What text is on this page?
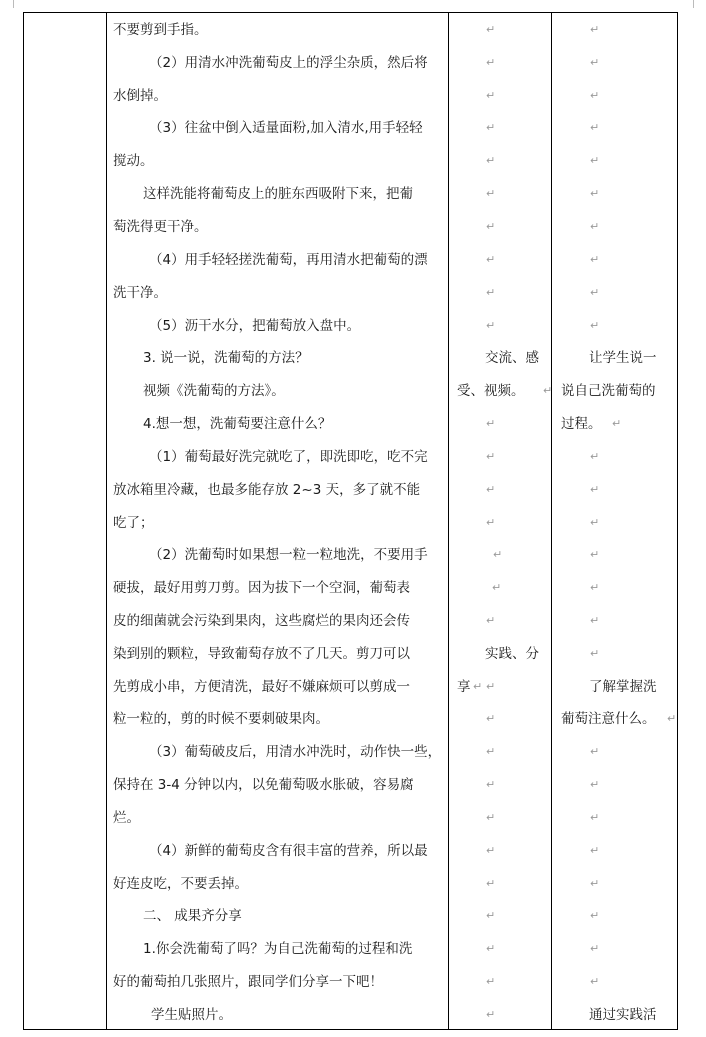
不要剪到手指。
（2）用清水冲洗葡萄皮上的浮尘杂质，然后将
水倒掉。
（3）往盆中倒入适量面粉,加入清水,用手轻轻
搅动。
这样洗能将葡萄皮上的脏东西吸附下来，把葡
萄洗得更干净。
（4）用手轻轻搓洗葡萄，再用清水把葡萄的漂
洗干净。
（5）沥干水分，把葡萄放入盘中。
3. 说一说，洗葡萄的方法？
视频《洗葡萄的方法》。
4.想一想，洗葡萄要注意什么？
（1）葡萄最好洗完就吃了，即洗即吃，吃不完
放冰箱里冷藏，也最多能存放 2~3 天，多了就不能
吃了；
（2）洗葡萄时如果想一粒一粒地洗，不要用手
硬拔，最好用剪刀剪。因为拔下一个空洞，葡萄表
皮的细菌就会污染到果肉，这些腐烂的果肉还会传
染到别的颗粒，导致葡萄存放不了几天。剪刀可以
先剪成小串，方便清洗，最好不嫌麻烦可以剪成一
粒一粒的，剪的时候不要刺破果肉。
（3）葡萄破皮后，用清水冲洗时，动作快一些，
保持在 3-4 分钟以内，以免葡萄吸水胀破，容易腐
烂。
（4）新鲜的葡萄皮含有很丰富的营养，所以最
好连皮吃，不要丢掉。
二、 成果齐分享
1.你会洗葡萄了吗？为自己洗葡萄的过程和洗
好的葡萄拍几张照片，跟同学们分享一下吧！
学生贴照片。
交流、感
受、视频。
实践、分
享
让学生说一
说自己洗葡萄的
过程。
了解掌握洗
葡萄注意什么。
通过实践活
↵
↵
↵
↵
↵
↵
↵
↵
↵
↵
↵
↵
↵
↵
↵
↵
↵
↵
↵
↵
↵
↵
↵
↵
↵
↵
↵
↵
↵
↵
↵
↵
↵
↵
↵
↵
↵
↵
↵
↵
↵
↵
↵
↵
↵
↵
↵
↵
↵
↵
↵
↵
↵
↵
↵
↵
↵
